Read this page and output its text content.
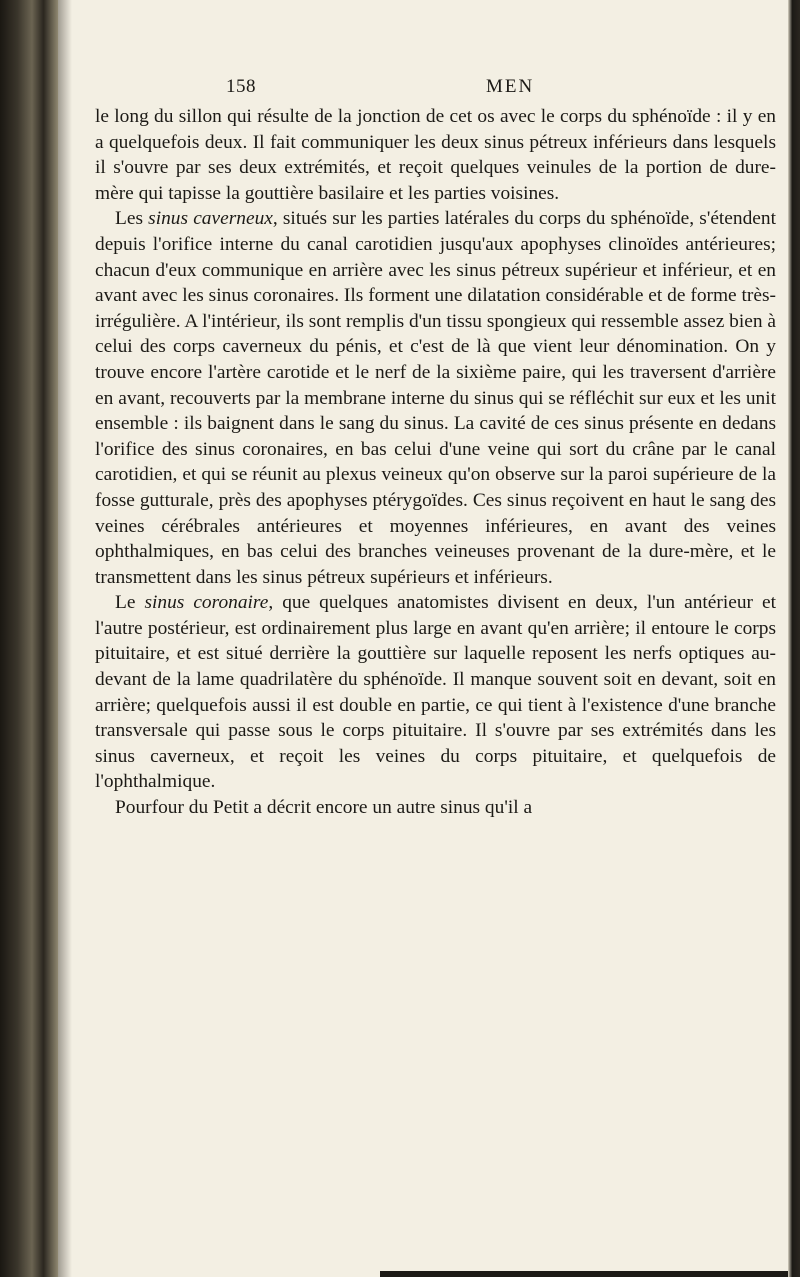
158	MEN

le long du sillon qui résulte de la jonction de cet os avec le corps du sphénoïde : il y en a quelquefois deux. Il fait communiquer les deux sinus pétreux inférieurs dans lesquels il s'ouvre par ses deux extrémités, et reçoit quelques veinules de la portion de dure-mère qui tapisse la gouttière basilaire et les parties voisines.

Les sinus caverneux, situés sur les parties latérales du corps du sphénoïde, s'étendent depuis l'orifice interne du canal carotidien jusqu'aux apophyses clinoïdes antérieures; chacun d'eux communique en arrière avec les sinus pétreux supérieur et inférieur, et en avant avec les sinus coronaires. Ils forment une dilatation considérable et de forme très-irrégulière. A l'intérieur, ils sont remplis d'un tissu spongieux qui ressemble assez bien à celui des corps caverneux du pénis, et c'est de là que vient leur dénomination. On y trouve encore l'artère carotide et le nerf de la sixième paire, qui les traversent d'arrière en avant, recouverts par la membrane interne du sinus qui se réfléchit sur eux et les unit ensemble : ils baignent dans le sang du sinus. La cavité de ces sinus présente en dedans l'orifice des sinus coronaires, en bas celui d'une veine qui sort du crâne par le canal carotidien, et qui se réunit au plexus veineux qu'on observe sur la paroi supérieure de la fosse gutturale, près des apophyses ptérygoïdes. Ces sinus reçoivent en haut le sang des veines cérébrales antérieures et moyennes inférieures, en avant des veines ophthalmiques, en bas celui des branches veineuses provenant de la dure-mère, et le transmettent dans les sinus pétreux supérieurs et inférieurs.

Le sinus coronaire, que quelques anatomistes divisent en deux, l'un antérieur et l'autre postérieur, est ordinairement plus large en avant qu'en arrière; il entoure le corps pituitaire, et est situé derrière la gouttière sur laquelle reposent les nerfs optiques au-devant de la lame quadrilatère du sphénoïde. Il manque souvent soit en devant, soit en arrière; quelquefois aussi il est double en partie, ce qui tient à l'existence d'une branche transversale qui passe sous le corps pituitaire. Il s'ouvre par ses extrémités dans les sinus caverneux, et reçoit les veines du corps pituitaire, et quelquefois de l'ophthalmique.

Pourfour du Petit a décrit encore un autre sinus qu'il a
